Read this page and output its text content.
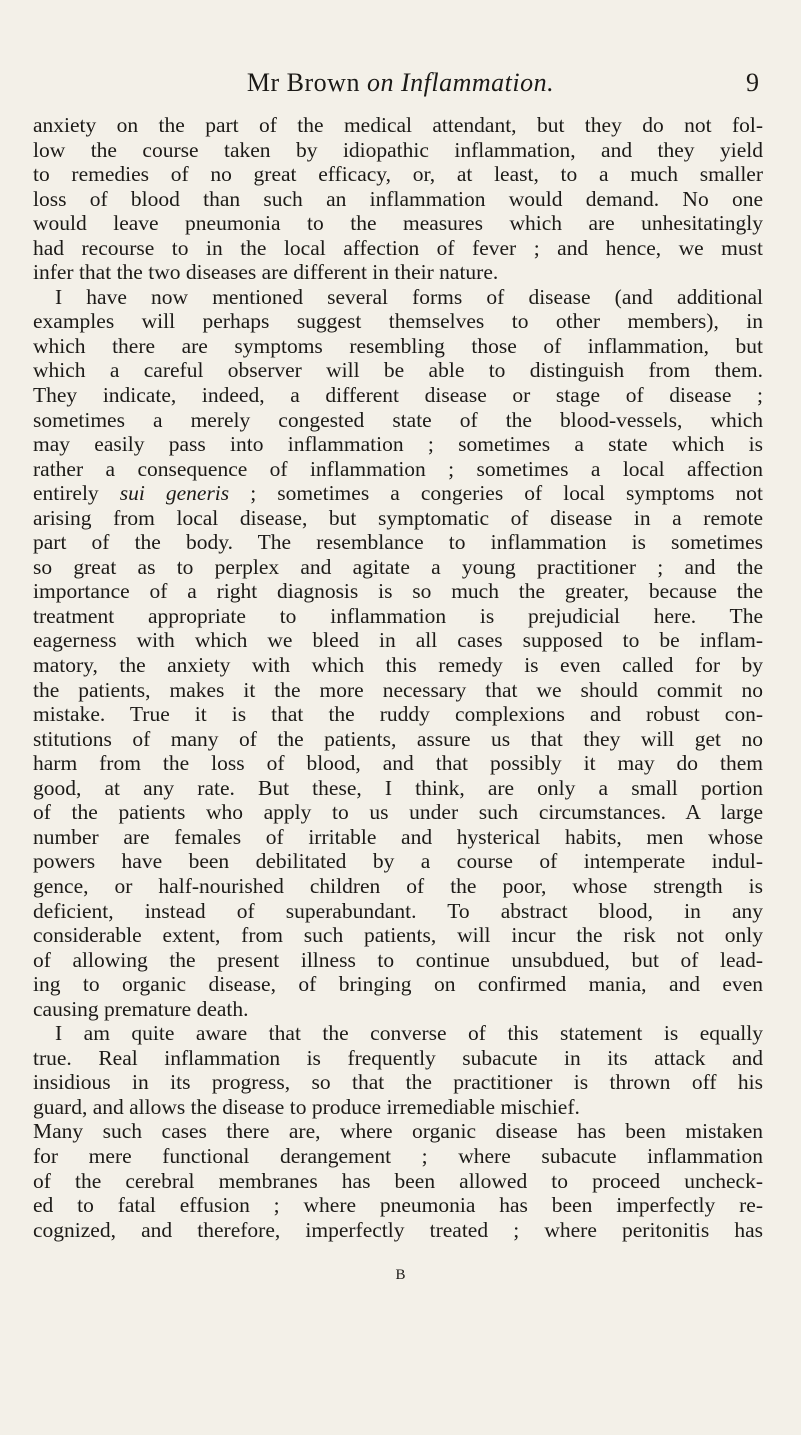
Mr Brown on Inflammation.	9
anxiety on the part of the medical attendant, but they do not fol-
low the course taken by idiopathic inflammation, and they yield
to remedies of no great efficacy, or, at least, to a much smaller
loss of blood than such an inflammation would demand. No one
would leave pneumonia to the measures which are unhesitatingly
had recourse to in the local affection of fever ; and hence, we must
infer that the two diseases are different in their nature.
I have now mentioned several forms of disease (and additional
examples will perhaps suggest themselves to other members), in
which there are symptoms resembling those of inflammation, but
which a careful observer will be able to distinguish from them.
They indicate, indeed, a different disease or stage of disease ;
sometimes a merely congested state of the blood-vessels, which
may easily pass into inflammation ; sometimes a state which is
rather a consequence of inflammation ; sometimes a local affection
entirely sui generis ; sometimes a congeries of local symptoms not
arising from local disease, but symptomatic of disease in a remote
part of the body. The resemblance to inflammation is sometimes
so great as to perplex and agitate a young practitioner ; and the
importance of a right diagnosis is so much the greater, because the
treatment appropriate to inflammation is prejudicial here. The
eagerness with which we bleed in all cases supposed to be inflam-
matory, the anxiety with which this remedy is even called for by
the patients, makes it the more necessary that we should commit no
mistake. True it is that the ruddy complexions and robust con-
stitutions of many of the patients, assure us that they will get no
harm from the loss of blood, and that possibly it may do them
good, at any rate. But these, I think, are only a small portion
of the patients who apply to us under such circumstances. A large
number are females of irritable and hysterical habits, men whose
powers have been debilitated by a course of intemperate indul-
gence, or half-nourished children of the poor, whose strength is
deficient, instead of superabundant. To abstract blood, in any
considerable extent, from such patients, will incur the risk not only
of allowing the present illness to continue unsubdued, but of lead-
ing to organic disease, of bringing on confirmed mania, and even
causing premature death.
I am quite aware that the converse of this statement is equally
true. Real inflammation is frequently subacute in its attack and
insidious in its progress, so that the practitioner is thrown off his
guard, and allows the disease to produce irremediable mischief.
Many such cases there are, where organic disease has been mistaken
for mere functional derangement ; where subacute inflammation
of the cerebral membranes has been allowed to proceed uncheck-
ed to fatal effusion ; where pneumonia has been imperfectly re-
cognized, and therefore, imperfectly treated ; where peritonitis has
B
